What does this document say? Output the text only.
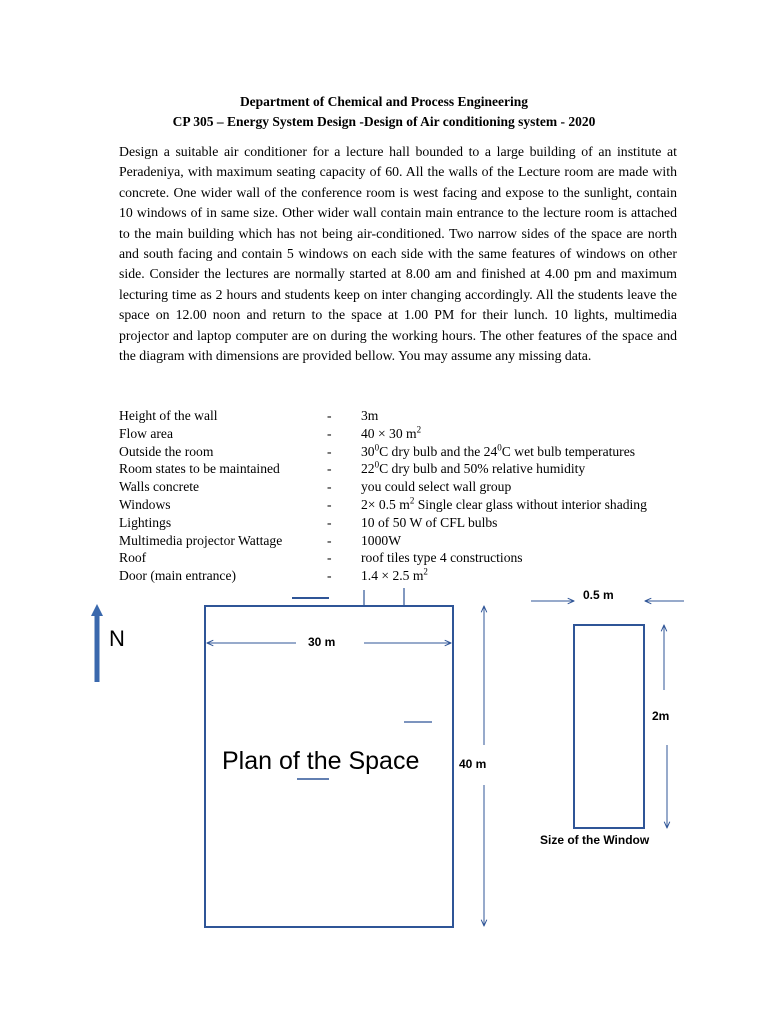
Department of Chemical and Process Engineering
CP 305 – Energy System Design -Design of Air conditioning system - 2020
Design a suitable air conditioner for a lecture hall bounded to a large building of an institute at Peradeniya, with maximum seating capacity of 60. All the walls of the Lecture room are made with concrete. One wider wall of the conference room is west facing and expose to the sunlight, contain 10 windows of in same size. Other wider wall contain main entrance to the lecture room is attached to the main building which has not being air-conditioned. Two narrow sides of the space are north and south facing and contain 5 windows on each side with the same features of windows on other side. Consider the lectures are normally started at 8.00 am and finished at 4.00 pm and maximum lecturing time as 2 hours and students keep on inter changing accordingly. All the students leave the space on 12.00 noon and return to the space at 1.00 PM for their lunch. 10 lights, multimedia projector and laptop computer are on during the working hours. The other features of the space and the diagram with dimensions are provided bellow. You may assume any missing data.
Height of the wall	- 3m
Flow area	- 40 × 30 $m^2$
Outside the room	- $30^0C$ dry bulb and the $24^0C$ wet bulb temperatures
Room states to be maintained	- $22^0C$ dry bulb and 50% relative humidity
Walls concrete	- you could select wall group
Windows	- 2× 0.5 $m^2$ Single clear glass without interior shading
Lightings	- 10 of 50 W of CFL bulbs
Multimedia projector Wattage	- 1000W
Roof	- roof tiles type 4 constructions
Door (main entrance)	- 1.4 × 2.5 $m^2$
N	30 m
40 m
Plan of the Space
0.5 m
2m
Size of the Window
